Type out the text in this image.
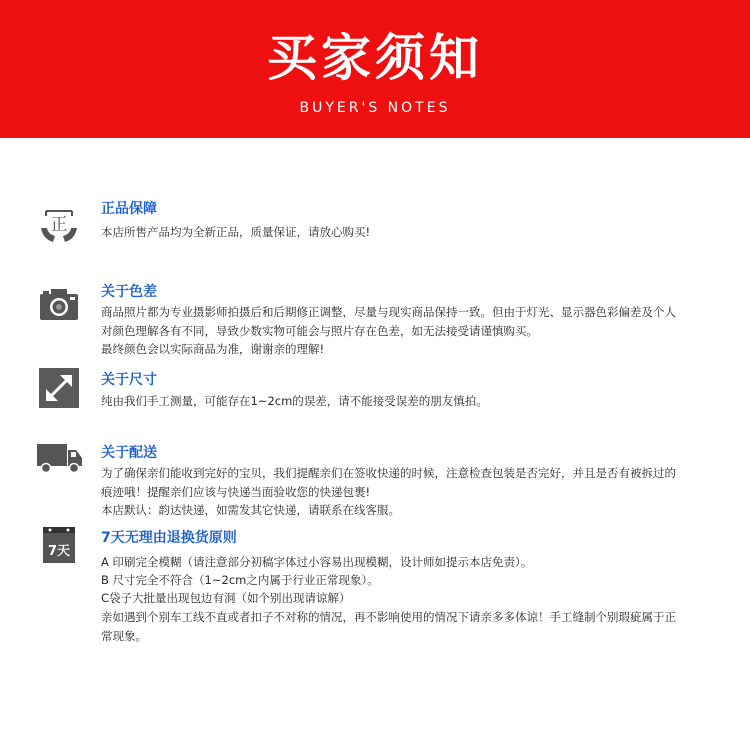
买家须知
BUYER'S NOTES
正
正品保障
本店所售产品均为全新正品，质量保证，请放心购买!
关于色差
商品照片都为专业摄影师拍摄后和后期修正调整，尽量与现实商品保持一致。但由于灯光、显示器色彩偏差及个人
对颜色理解各有不同，导致少数实物可能会与照片存在色差，如无法接受请谨慎购买。
最终颜色会以实际商品为准，谢谢亲的理解!
关于尺寸
纯由我们手工测量，可能存在1~2cm的误差，请不能接受误差的朋友慎拍。
关于配送
为了确保亲们能收到完好的宝贝，我们提醒亲们在签收快递的时候，注意检查包装是否完好，并且是否有被拆过的
痕迹哦！提醒亲们应该与快递当面验收您的快递包裹!
本店默认：韵达快递，如需发其它快递，请联系在线客服。
7天
7天无理由退换货原则
A 印刷完全模糊（请注意部分初稿字体过小容易出现模糊，设计师如提示本店免责）。
B 尺寸完全不符合（1~2cm之内属于行业正常现象）。
C袋子大批量出现包边有洞（如个别出现请谅解）
亲如遇到个别车工线不直或者扣子不对称的情况，再不影响使用的情况下请亲多多体谅！手工缝制个别瑕疵属于正
常现象。
